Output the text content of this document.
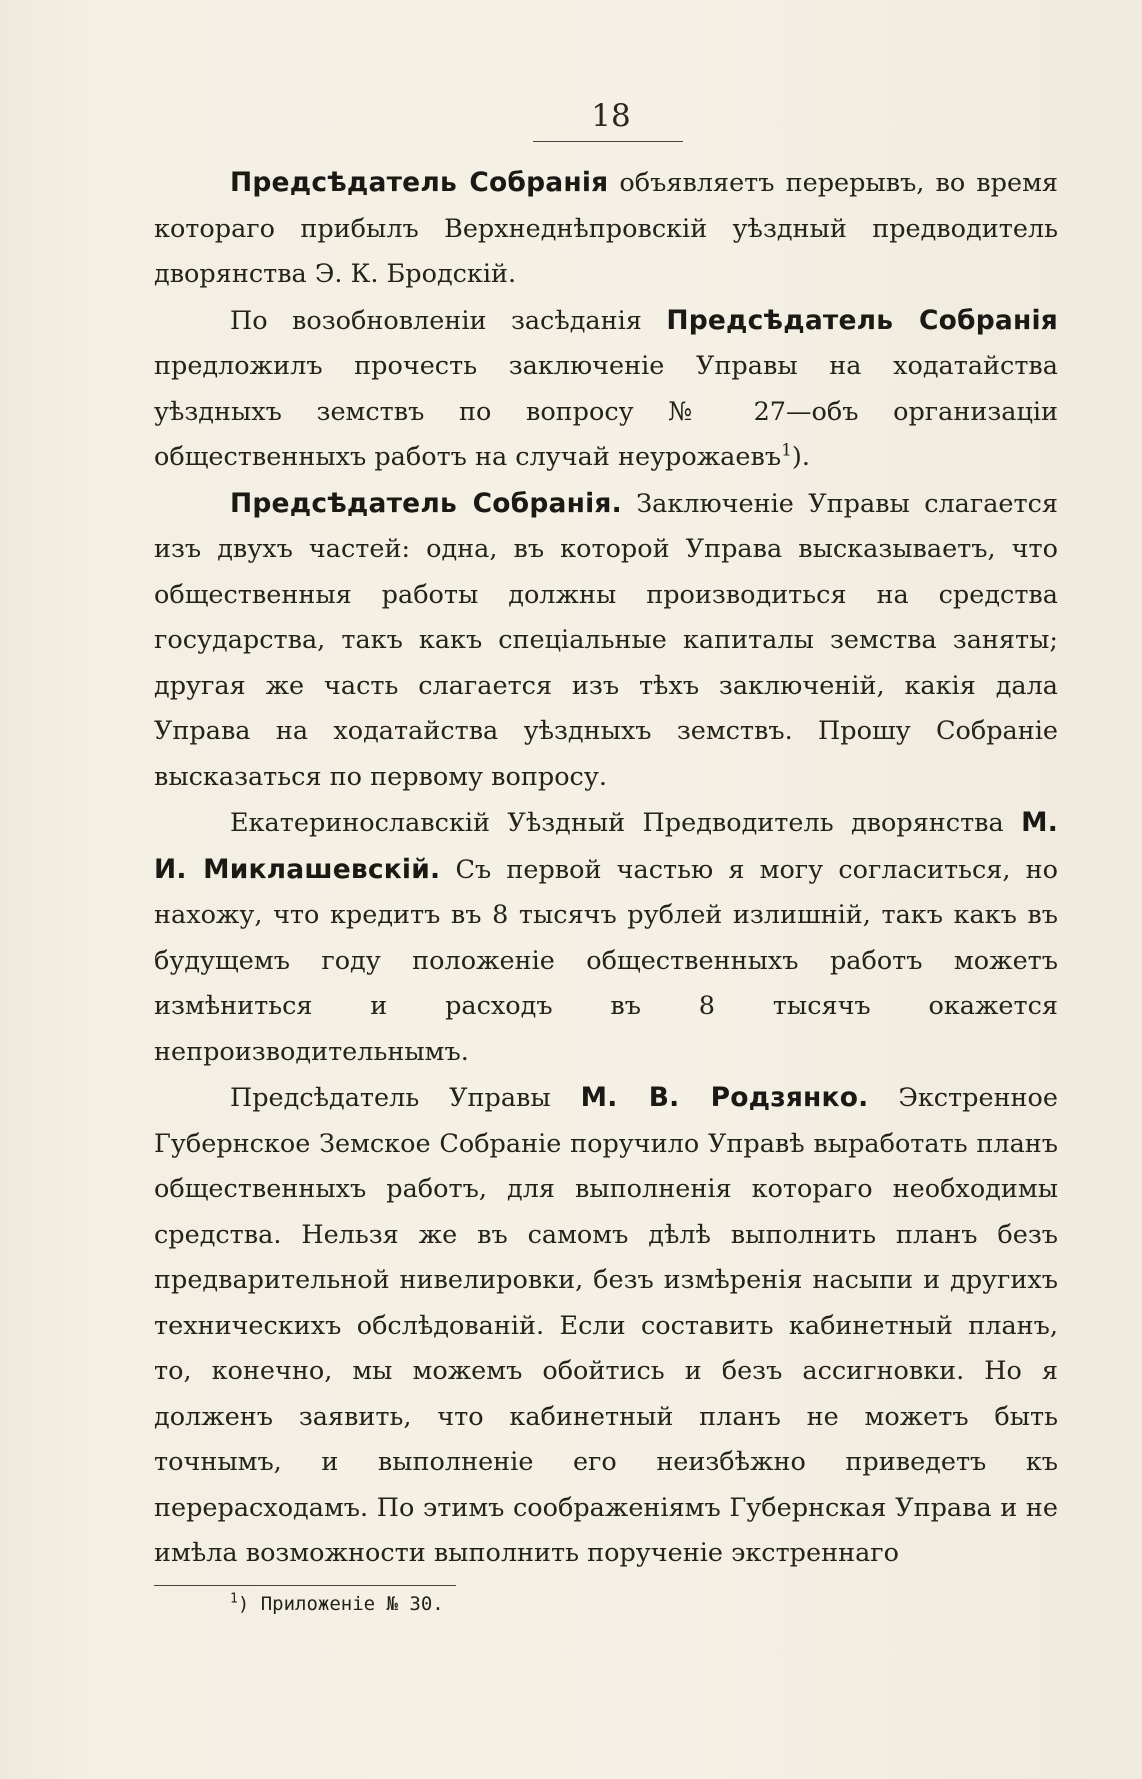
18

Предсѣдатель Собранія объявляетъ перерывъ, во время котораго прибылъ Верхнеднѣпровскій уѣздный предводитель дворянства Э. К. Бродскій.

По возобновленіи засѣданія Предсѣдатель Собранія предложилъ прочесть заключеніе Управы на ходатайства уѣздныхъ земствъ по вопросу № 27—объ организаціи общественныхъ работъ на случай неурожаевъ$^1$).

Предсѣдатель Собранія. Заключеніе Управы слагается изъ двухъ частей: одна, въ которой Управа высказываетъ, что общественныя работы должны производиться на средства государства, такъ какъ спеціальные капиталы земства заняты; другая же часть слагается изъ тѣхъ заключеній, какія дала Управа на ходатайства уѣздныхъ земствъ. Прошу Собраніе высказаться по первому вопросу.

Екатеринославскій Уѣздный Предводитель дворянства М. И. Миклашевскій. Съ первой частью я могу согласиться, но нахожу, что кредитъ въ 8 тысячъ рублей излишній, такъ какъ въ будущемъ году положеніе общественныхъ работъ можетъ измѣниться и расходъ въ 8 тысячъ окажется непроизводительнымъ.

Предсѣдатель Управы М. В. Родзянко. Экстренное Губернское Земское Собраніе поручило Управѣ выработать планъ общественныхъ работъ, для выполненія котораго необходимы средства. Нельзя же въ самомъ дѣлѣ выполнить планъ безъ предварительной нивелировки, безъ измѣренія насыпи и другихъ техническихъ обслѣдованій. Если составить кабинетный планъ, то, конечно, мы можемъ обойтись и безъ ассигновки. Но я долженъ заявить, что кабинетный планъ не можетъ быть точнымъ, и выполненіе его неизбѣжно приведетъ къ перерасходамъ. По этимъ соображеніямъ Губернская Управа и не имѣла возможности выполнить порученіе экстреннаго

$^1$) Приложеніе № 30.
